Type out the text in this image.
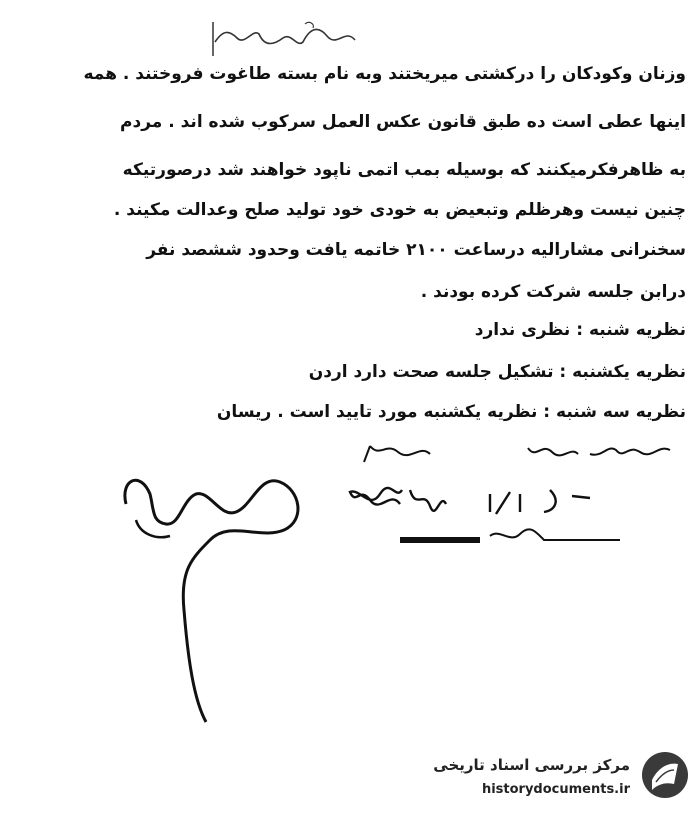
وزنان وکودکان را درکشتی میریختند وبه نام بسته طاغوت فروختند . همه
اینها عطی است ده طبق قانون عکس العمل سرکوب شده اند . مردم
به ظاهرفکرمیکنند که بوسیله بمب اتمی ناپود خواهند شد درصورتیکه
چنین نیست وهرظلم وتبعیض به خودی خود تولید صلح وعدالت مکیند .
سخنرانی مشارالیه درساعت ۲۱۰۰ خاتمه یافت وحدود ششصد نفر
درابن جلسه شرکت کرده بودند .
نظریه شنبه : نظری ندارد
نظریه یکشنبه : تشکیل جلسه صحت دارد اردن
نظریه سه شنبه : نظریه یکشنبه مورد تایید است . ریسان
مرکز بررسی اسناد تاریخی
historydocuments.ir
